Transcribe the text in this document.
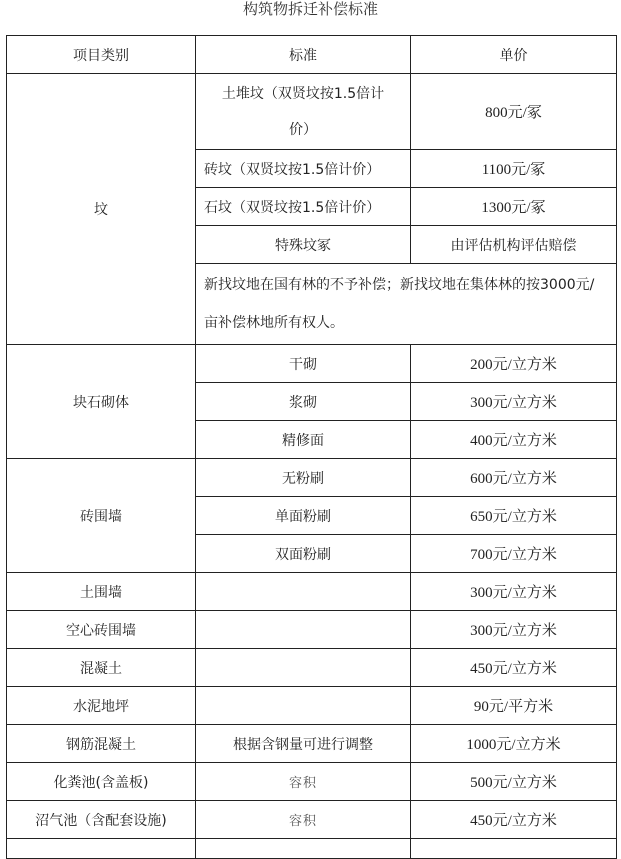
构筑物拆迁补偿标准
项目类别	标准	单价
坟	土堆坟（双贤坟按1.5倍计价）	800元/冢
	砖坟（双贤坟按1.5倍计价）	1100元/冢
	石坟（双贤坟按1.5倍计价）	1300元/冢
	特殊坟冢	由评估机构评估赔偿
	新找坟地在国有林的不予补偿；新找坟地在集体林的按3000元/亩补偿林地所有权人。	
块石砌体	干砌	200元/立方米
	浆砌	300元/立方米
	精修面	400元/立方米
砖围墙	无粉刷	600元/立方米
	单面粉刷	650元/立方米
	双面粉刷	700元/立方米
土围墙		300元/立方米
空心砖围墙		300元/立方米
混凝土		450元/立方米
水泥地坪		90元/平方米
钢筋混凝土	根据含钢量可进行调整	1000元/立方米
化粪池(含盖板)	容积	500元/立方米
沼气池（含配套设施)	容积	450元/立方米
